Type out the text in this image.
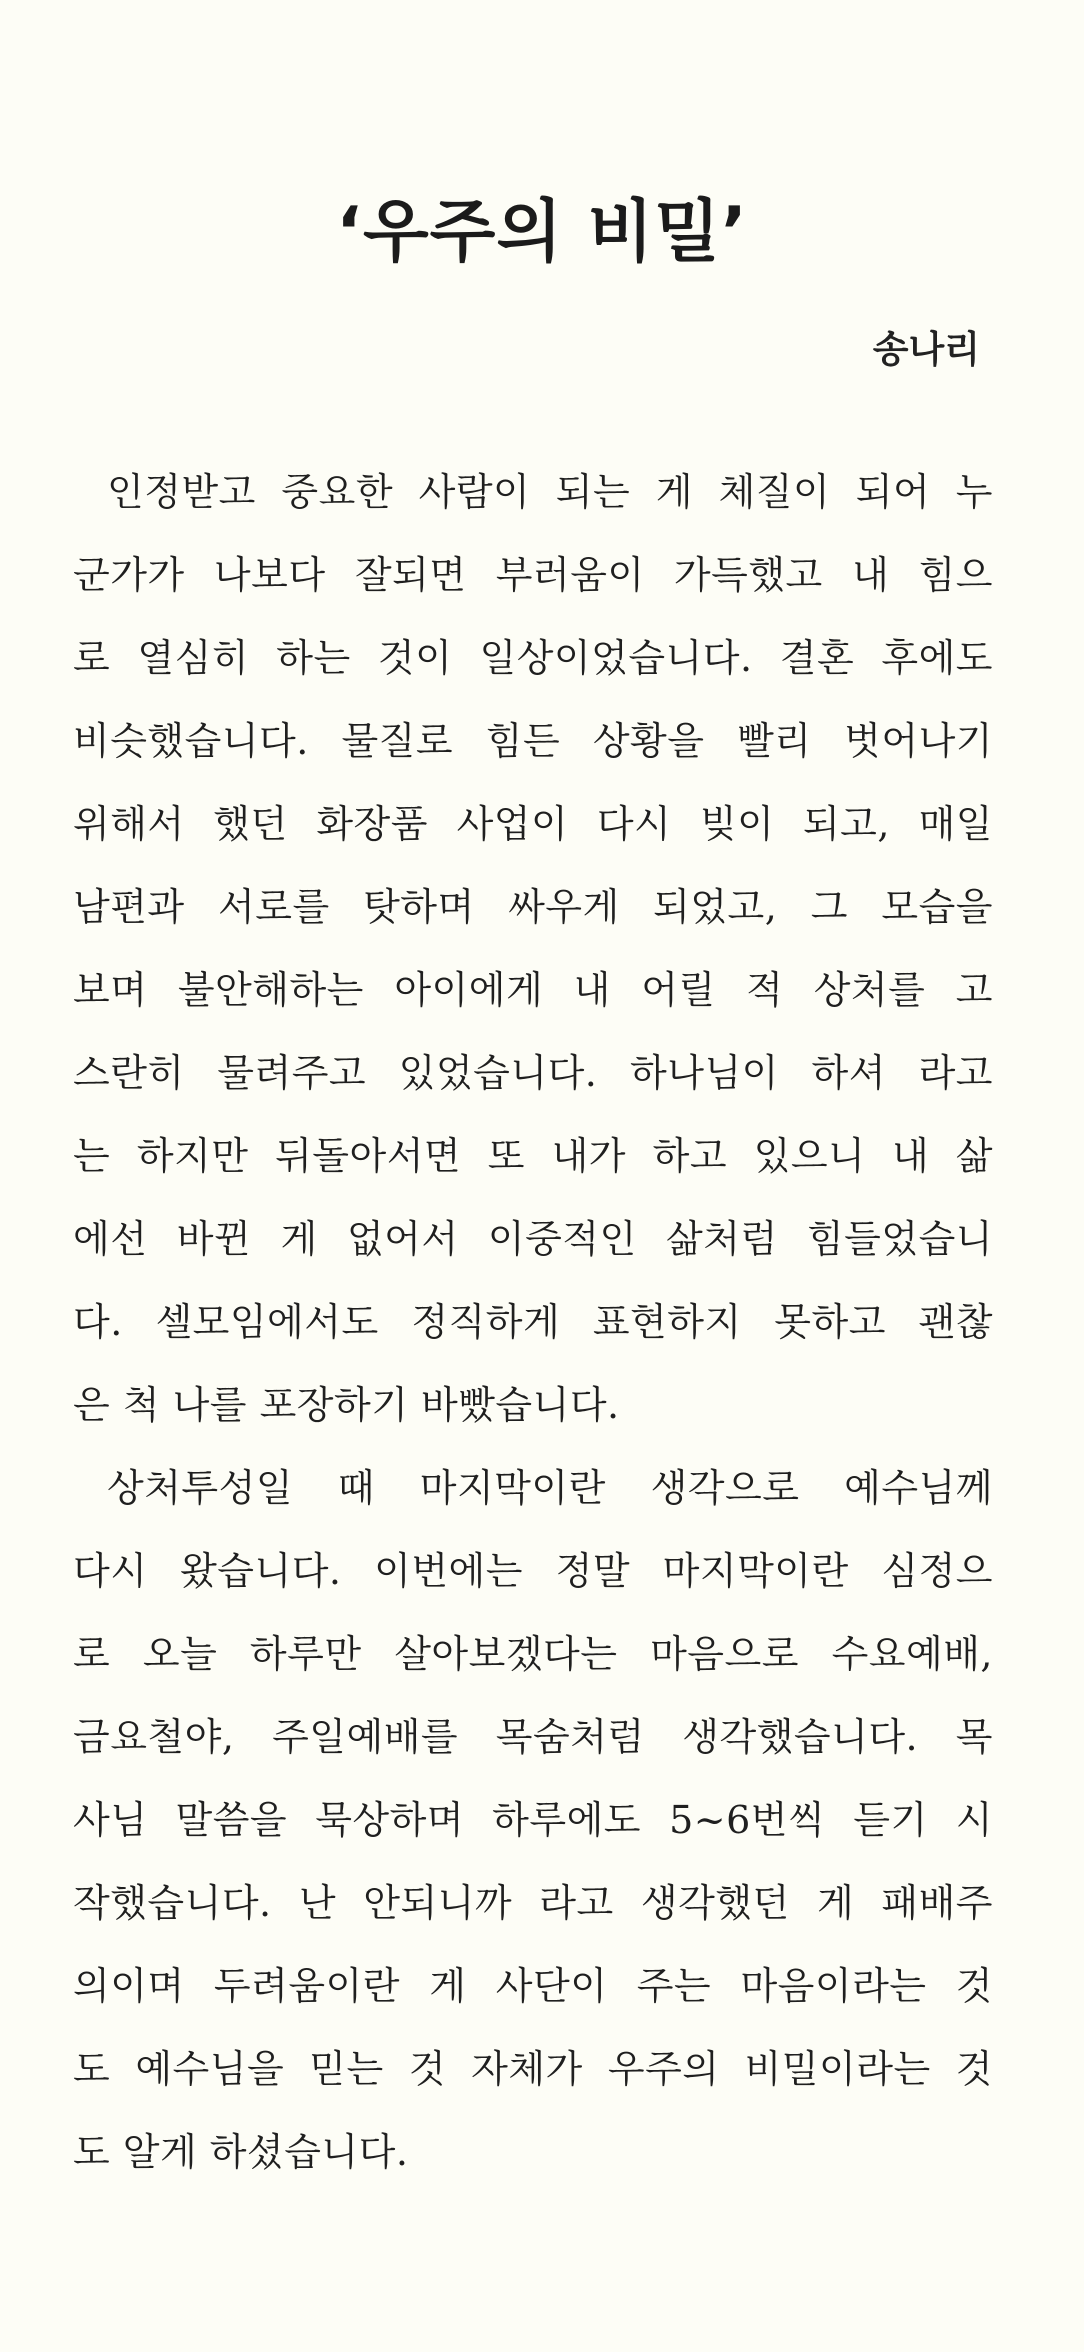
‘우주의 비밀’

송나리

인정받고 중요한 사람이 되는 게 체질이 되어 누
군가가 나보다 잘되면 부러움이 가득했고 내 힘으
로 열심히 하는 것이 일상이었습니다. 결혼 후에도
비슷했습니다. 물질로 힘든 상황을 빨리 벗어나기
위해서 했던 화장품 사업이 다시 빚이 되고, 매일
남편과 서로를 탓하며 싸우게 되었고, 그 모습을
보며 불안해하는 아이에게 내 어릴 적 상처를 고
스란히 물려주고 있었습니다. 하나님이 하셔 라고
는 하지만 뒤돌아서면 또 내가 하고 있으니 내 삶
에선 바뀐 게 없어서 이중적인 삶처럼 힘들었습니
다. 셀모임에서도 정직하게 표현하지 못하고 괜찮
은 척 나를 포장하기 바빴습니다.
상처투성일 때 마지막이란 생각으로 예수님께
다시 왔습니다. 이번에는 정말 마지막이란 심정으
로 오늘 하루만 살아보겠다는 마음으로 수요예배,
금요철야, 주일예배를 목숨처럼 생각했습니다. 목
사님 말씀을 묵상하며 하루에도 5~6번씩 듣기 시
작했습니다. 난 안되니까 라고 생각했던 게 패배주
의이며 두려움이란 게 사단이 주는 마음이라는 것
도 예수님을 믿는 것 자체가 우주의 비밀이라는 것
도 알게 하셨습니다.
